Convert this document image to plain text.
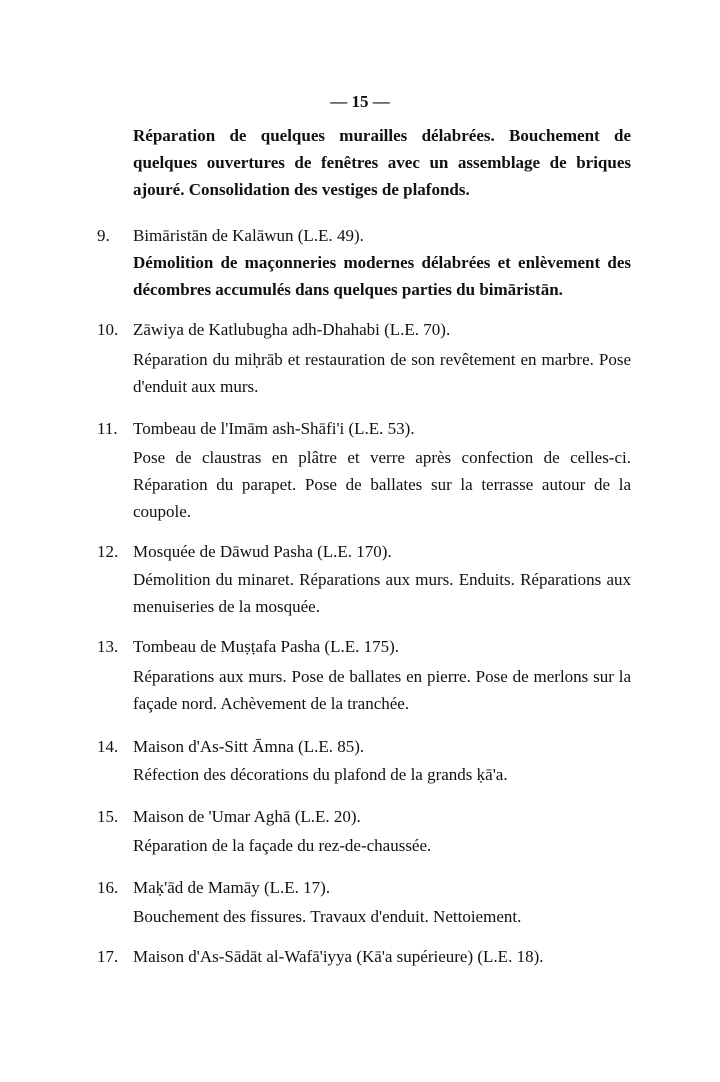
— 15 —
Réparation de quelques murailles délabrées. Bouchement de quelques ouvertures de fenêtres avec un assemblage de briques ajouré. Consolidation des vestiges de plafonds.
9. Bimāristān de Kalāwun (L.E. 49).
Démolition de maçonneries modernes délabrées et enlèvement des décombres accumulés dans quelques parties du bimāristān.
10. Zāwiya de Katlubugha adh-Dhahabi (L.E. 70).
Réparation du miḥrāb et restauration de son revêtement en marbre. Pose d'enduit aux murs.
11. Tombeau de l'Imām ash-Shāfi'i (L.E. 53).
Pose de claustras en plâtre et verre après confection de celles-ci. Réparation du parapet. Pose de ballates sur la terrasse autour de la coupole.
12. Mosquée de Dāwud Pasha (L.E. 170).
Démolition du minaret. Réparations aux murs. Enduits. Réparations aux menuiseries de la mosquée.
13. Tombeau de Muṣṭafa Pasha (L.E. 175).
Réparations aux murs. Pose de ballates en pierre. Pose de merlons sur la façade nord. Achèvement de la tranchée.
14. Maison d'As-Sitt Āmna (L.E. 85).
Réfection des décorations du plafond de la grands ḳā'a.
15. Maison de 'Umar Aghā (L.E. 20).
Réparation de la façade du rez-de-chaussée.
16. Maḳ'ād de Mamāy (L.E. 17).
Bouchement des fissures. Travaux d'enduit. Nettoiement.
17. Maison d'As-Sādāt al-Wafā'iyya (Kā'a supérieure) (L.E. 18).
